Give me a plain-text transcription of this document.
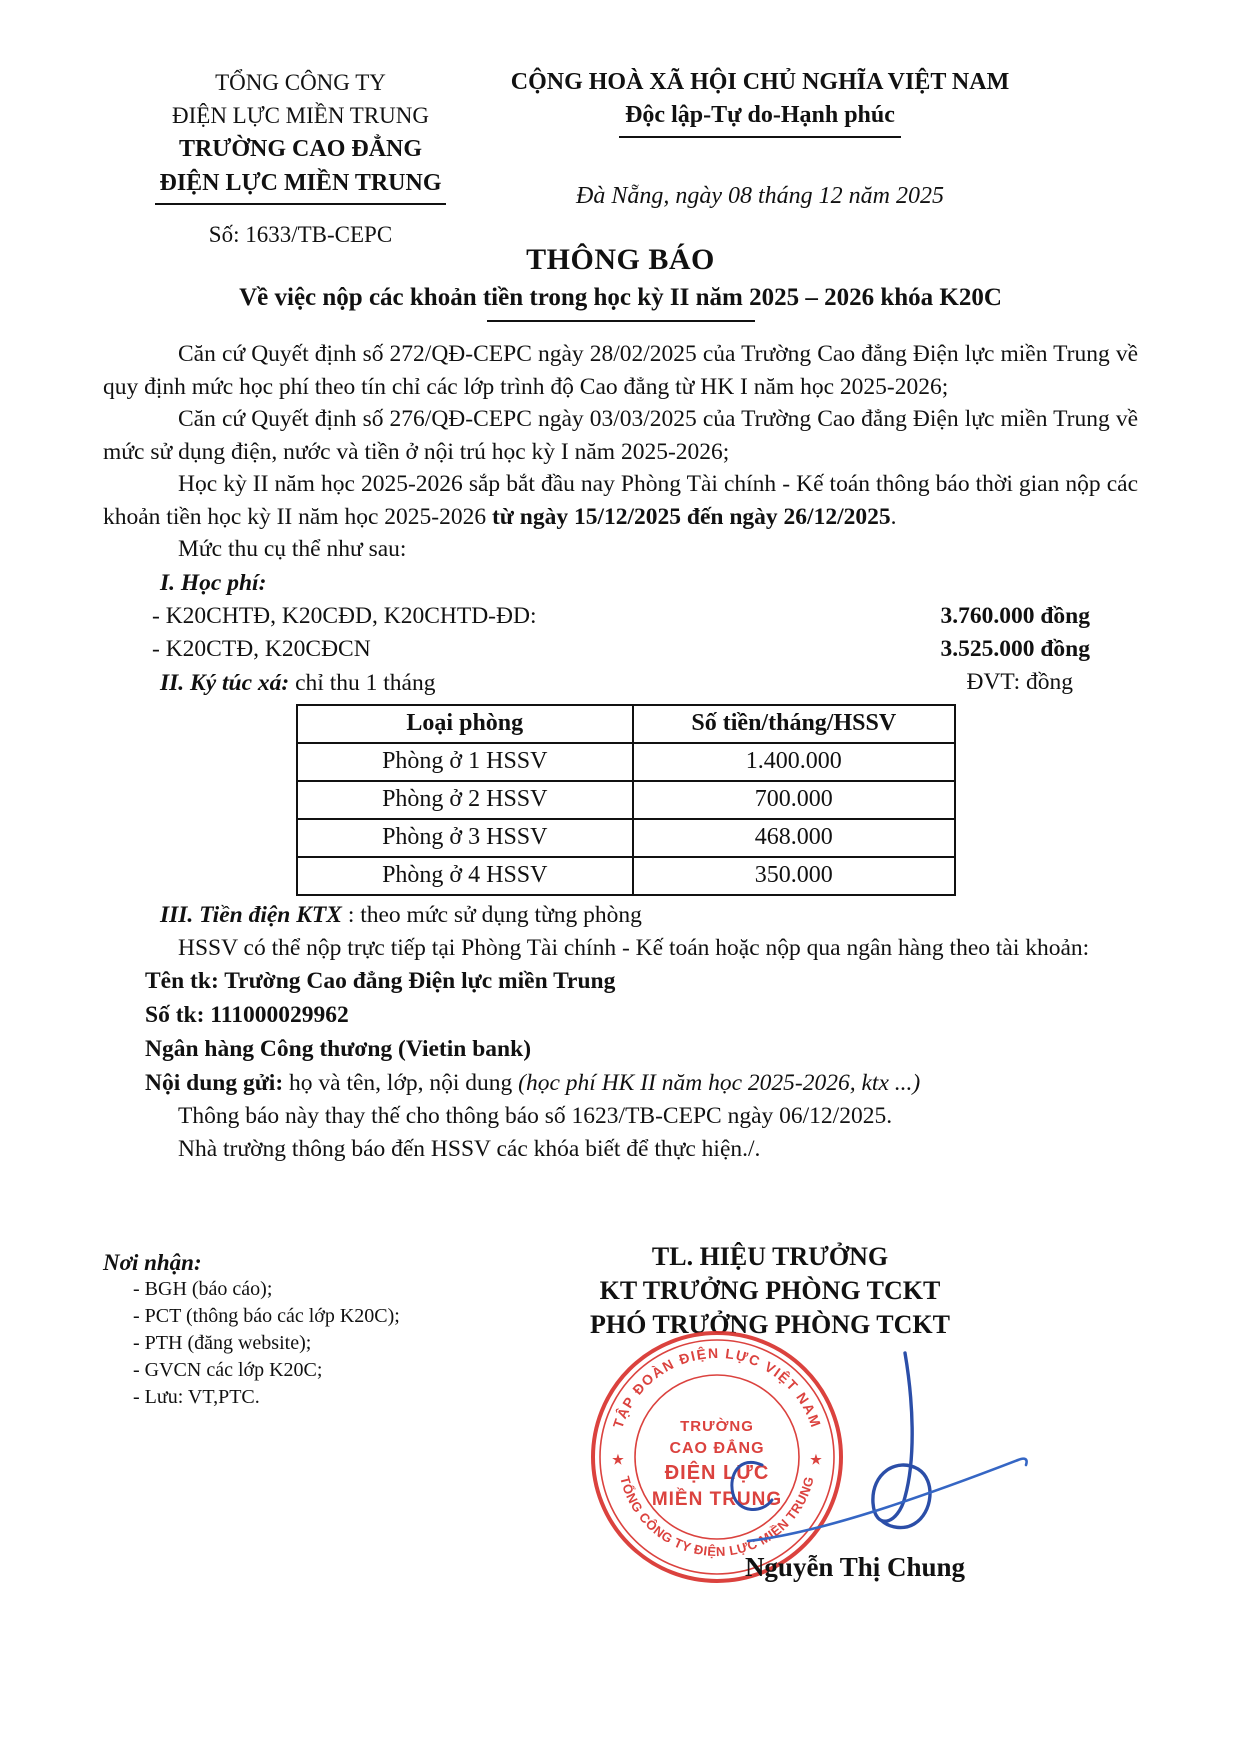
TỔNG CÔNG TY
ĐIỆN LỰC MIỀN TRUNG
TRƯỜNG CAO ĐẲNG
ĐIỆN LỰC MIỀN TRUNG
Số: 1633/TB-CEPC
CỘNG HOÀ XÃ HỘI CHỦ NGHĨA VIỆT NAM
Độc lập-Tự do-Hạnh phúc
Đà Nẵng, ngày 08 tháng 12 năm 2025
THÔNG BÁO
Về việc nộp các khoản tiền trong học kỳ II năm 2025 – 2026 khóa K20C

Căn cứ Quyết định số 272/QĐ-CEPC ngày 28/02/2025 của Trường Cao đẳng Điện lực miền Trung về quy định mức học phí theo tín chỉ các lớp trình độ Cao đẳng từ HK I năm học 2025-2026;

Căn cứ Quyết định số 276/QĐ-CEPC ngày 03/03/2025 của Trường Cao đẳng Điện lực miền Trung về mức sử dụng điện, nước và tiền ở nội trú học kỳ I năm 2025-2026;

Học kỳ II năm học 2025-2026 sắp bắt đầu nay Phòng Tài chính - Kế toán thông báo thời gian nộp các khoản tiền học kỳ II năm học 2025-2026 từ ngày 15/12/2025 đến ngày 26/12/2025.

Mức thu cụ thể như sau:

I. Học phí:
- K20CHTĐ, K20CĐD, K20CHTD-ĐD:	3.760.000 đồng
- K20CTĐ, K20CĐCN	3.525.000 đồng
II. Ký túc xá: chỉ thu 1 tháng	ĐVT: đồng
Loại phòng	Số tiền/tháng/HSSV
Phòng ở 1 HSSV	1.400.000
Phòng ở 2 HSSV	700.000
Phòng ở 3 HSSV	468.000
Phòng ở 4 HSSV	350.000
III. Tiền điện KTX : theo mức sử dụng từng phòng

HSSV có thể nộp trực tiếp tại Phòng Tài chính - Kế toán hoặc nộp qua ngân hàng theo tài khoản:

Tên tk: Trường Cao đẳng Điện lực miền Trung
Số tk: 111000029962
Ngân hàng Công thương (Vietin bank)
Nội dung gửi: họ và tên, lớp, nội dung (học phí HK II năm học 2025-2026, ktx ...)

Thông báo này thay thế cho thông báo số 1623/TB-CEPC ngày 06/12/2025.

Nhà trường thông báo đến HSSV các khóa biết để thực hiện./.

Nơi nhận:
- BGH (báo cáo);
- PCT (thông báo các lớp K20C);
- PTH (đăng website);
- GVCN các lớp K20C;
- Lưu: VT,PTC.
TL. HIỆU TRƯỞNG
KT TRƯỞNG PHÒNG TCKT
PHÓ TRƯỞNG PHÒNG TCKT
TẬP ĐOÀN ĐIỆN LỰC VIỆT NAM
TỔNG CÔNG TY ĐIỆN LỰC MIỀN TRUNG
★	★
TRƯỜNG
CAO ĐẲNG
ĐIỆN LỰC
MIỀN TRUNG
Nguyễn Thị Chung
